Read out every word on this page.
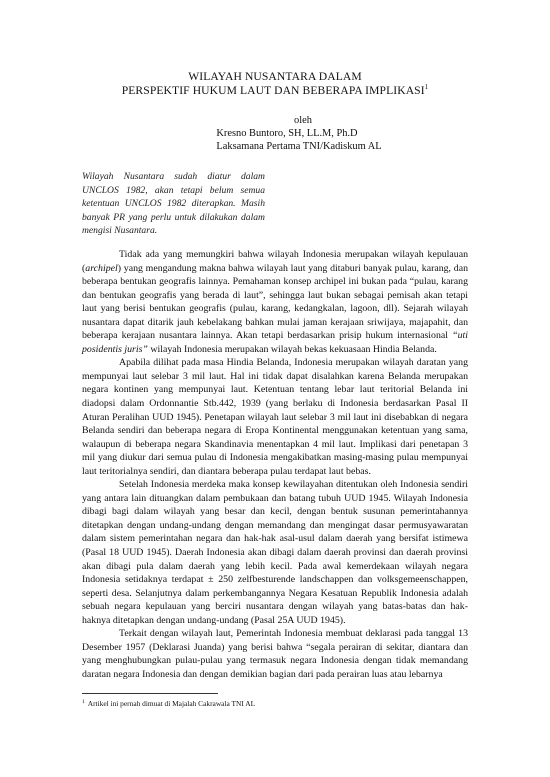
WILAYAH NUSANTARA DALAM
PERSPEKTIF HUKUM LAUT DAN BEBERAPA IMPLIKASI$^1$
oleh
Kresno Buntoro, SH, LL.M, Ph.D
Laksamana Pertama TNI/Kadiskum AL
Wilayah Nusantara sudah diatur dalam UNCLOS 1982, akan tetapi belum semua ketentuan UNCLOS 1982 diterapkan. Masih banyak PR yang perlu untuk dilakukan dalam mengisi Nusantara.

Tidak ada yang memungkiri bahwa wilayah Indonesia merupakan wilayah kepulauan (archipel) yang mengandung makna bahwa wilayah laut yang ditaburi banyak pulau, karang, dan beberapa bentukan geografis lainnya. Pemahaman konsep archipel ini bukan pada “pulau, karang dan bentukan geografis yang berada di laut”, sehingga laut bukan sebagai pemisah akan tetapi laut yang berisi bentukan geografis (pulau, karang, kedangkalan, lagoon, dll). Sejarah wilayah nusantara dapat ditarik jauh kebelakang bahkan mulai jaman kerajaan sriwijaya, majapahit, dan beberapa kerajaan nusantara lainnya. Akan tetapi berdasarkan prisip hukum internasional “uti posidentis juris” wilayah Indonesia merupakan wilayah bekas kekuasaan Hindia Belanda.

Apabila dilihat pada masa Hindia Belanda, Indonesia merupakan wilayah daratan yang mempunyai laut selebar 3 mil laut. Hal ini tidak dapat disalahkan karena Belanda merupakan negara kontinen yang mempunyai laut. Ketentuan tentang lebar laut teritorial Belanda ini diadopsi dalam Ordonnantie Stb.442, 1939 (yang berlaku di Indonesia berdasarkan Pasal II Aturan Peralihan UUD 1945). Penetapan wilayah laut selebar 3 mil laut ini disebabkan di negara Belanda sendiri dan beberapa negara di Eropa Kontinental menggunakan ketentuan yang sama, walaupun di beberapa negara Skandinavia menentapkan 4 mil laut. Implikasi dari penetapan 3 mil yang diukur dari semua pulau di Indonesia mengakibatkan masing-masing pulau mempunyai laut teritorialnya sendiri, dan diantara beberapa pulau terdapat laut bebas.

Setelah Indonesia merdeka maka konsep kewilayahan ditentukan oleh Indonesia sendiri yang antara lain dituangkan dalam pembukaan dan batang tubuh UUD 1945. Wilayah Indonesia dibagi bagi dalam wilayah yang besar dan kecil, dengan bentuk susunan pemerintahannya ditetapkan dengan undang-undang dengan memandang dan mengingat dasar permusyawaratan dalam sistem pemerintahan negara dan hak-hak asal-usul dalam daerah yang bersifat istimewa (Pasal 18 UUD 1945). Daerah Indonesia akan dibagi dalam daerah provinsi dan daerah provinsi akan dibagi pula dalam daerah yang lebih kecil. Pada awal kemerdekaan wilayah negara Indonesia setidaknya terdapat ± 250 zelfbesturende landschappen dan volksgemeenschappen, seperti desa. Selanjutnya dalam perkembangannya Negara Kesatuan Republik Indonesia adalah sebuah negara kepulauan yang berciri nusantara dengan wilayah yang batas-batas dan hak-haknya ditetapkan dengan undang-undang (Pasal 25A UUD 1945).

Terkait dengan wilayah laut, Pemerintah Indonesia membuat deklarasi pada tanggal 13 Desember 1957 (Deklarasi Juanda) yang berisi bahwa “segala perairan di sekitar, diantara dan yang menghubungkan pulau-pulau yang termasuk negara Indonesia dengan tidak memandang daratan negara Indonesia dan dengan demikian bagian dari pada perairan luas atau lebarnya

$^1$ Artikel ini pernah dimuat di Majalah Cakrawala TNI AL
